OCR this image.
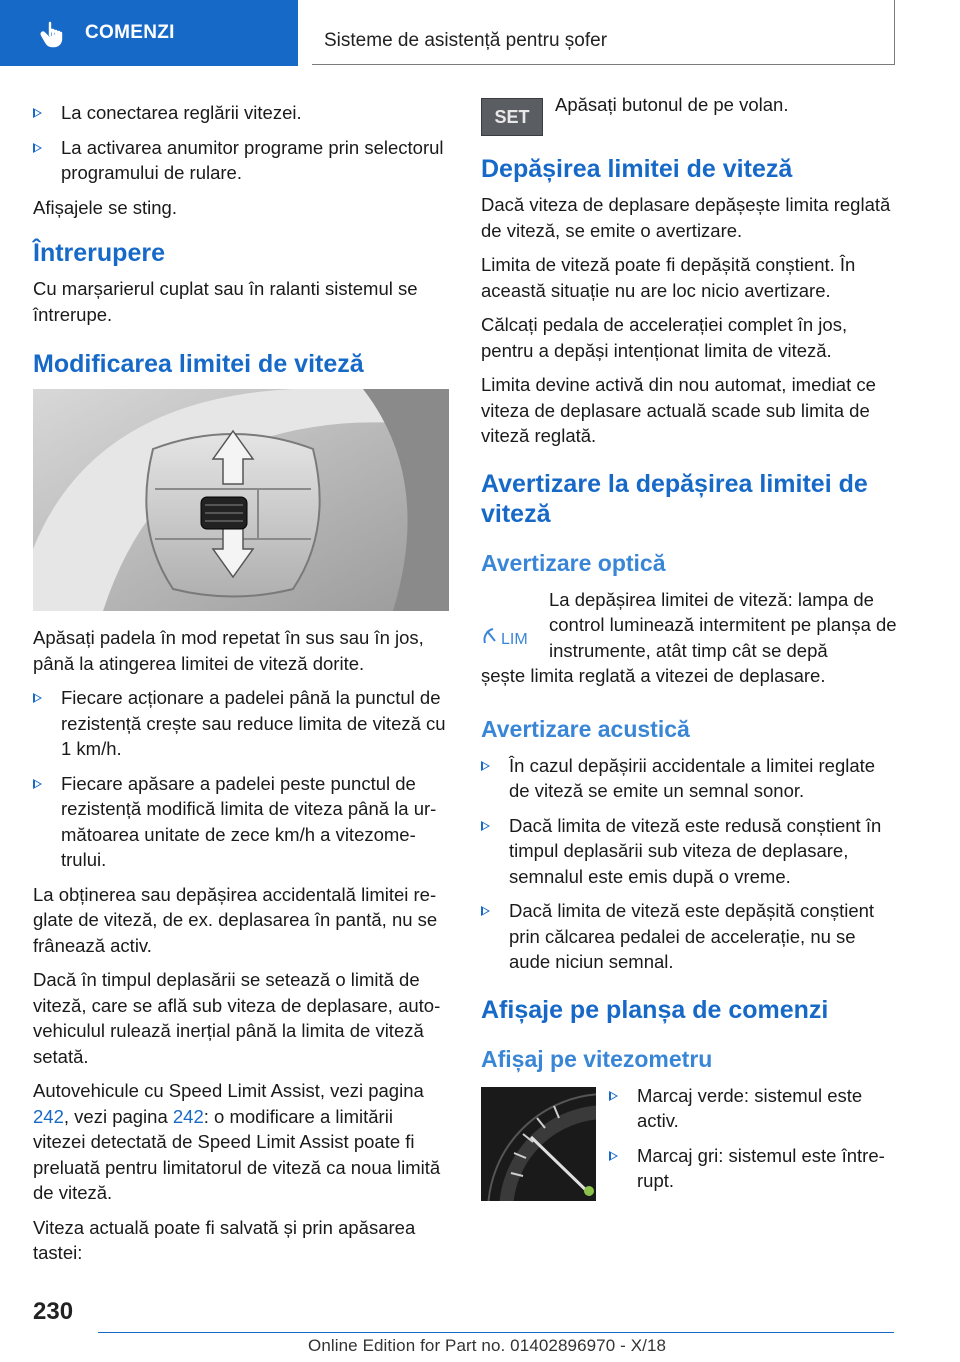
COMENZI	Sisteme de asistență pentru șofer
La conectarea reglării vitezei.
La activarea anumitor programe prin selectorul programului de rulare.

Afișajele se sting.

Întrerupere

Cu marșarierul cuplat sau în ralanti sistemul se întrerupe.

Modificarea limitei de viteză

Apăsați padela în mod repetat în sus sau în jos, până la atingerea limitei de viteză dorite.

Fiecare acționare a padelei până la punctul de rezistență crește sau reduce limita de viteză cu 1 km/h.
Fiecare apăsare a padelei peste punctul de rezistență modifică limita de viteza până la următoarea unitate de zece km/h a vitezometrului.

La obținerea sau depășirea accidentală limitei reglate de viteză, de ex. deplasarea în pantă, nu se frânează activ.

Dacă în timpul deplasării se setează o limită de viteză, care se află sub viteza de deplasare, autovehiculul rulează inerțial până la limita de viteză setată.

Autovehicule cu Speed Limit Assist, vezi pagina 242, vezi pagina 242: o modificare a limitării vitezei detectată de Speed Limit Assist poate fi preluată pentru limitatorul de viteză ca noua limită de viteză.

Viteza actuală poate fi salvată și prin apăsarea tastei:

SET

Apăsați butonul de pe volan.

Depășirea limitei de viteză

Dacă viteza de deplasare depășește limita reglată de viteză, se emite o avertizare.

Limita de viteză poate fi depășită conștient. În această situație nu are loc nicio avertizare.

Călcați pedala de accelerației complet în jos, pentru a depăși intenționat limita de viteză.

Limita devine activă din nou automat, imediat ce viteza de deplasare actuală scade sub limita de viteză reglată.

Avertizare la depășirea limitei de viteză
Avertizare optică
LIM

La depășirea limitei de viteză: lampa de control luminează intermitent pe planșa de instrumente, atât timp cât se depă

șește limita reglată a vitezei de deplasare.

Avertizare acustică
În cazul depășirii accidentale a limitei reglate de viteză se emite un semnal sonor.
Dacă limita de viteză este redusă conștient în timpul deplasării sub viteza de deplasare, semnalul este emis după o vreme.
Dacă limita de viteză este depășită conștient prin călcarea pedalei de accelerație, nu se aude niciun semnal.
Afișaje pe planșa de comenzi
Afișaj pe vitezometru
Marcaj verde: sistemul este activ.
Marcaj gri: sistemul este întrerupt.
230
Online Edition for Part no. 01402896970 - X/18
